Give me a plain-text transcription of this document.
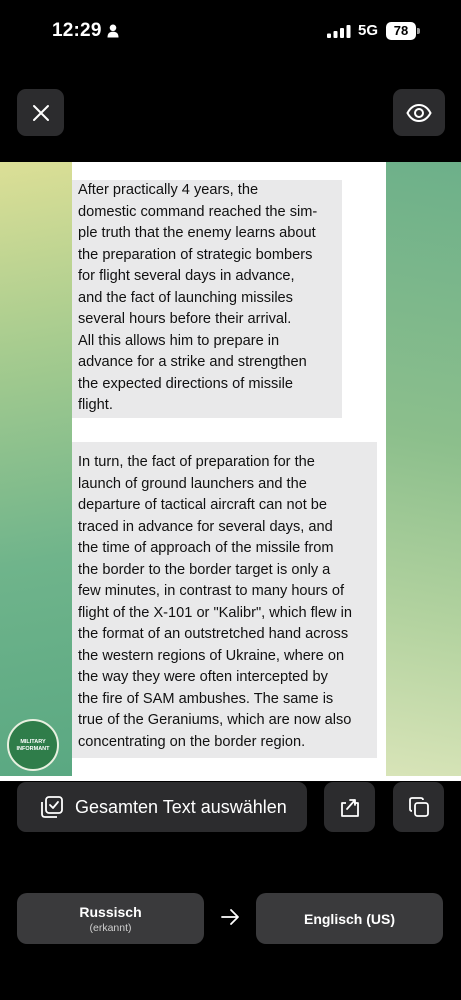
12:29	5G	78

After practically 4 years, the
domestic command reached the sim-
ple truth that the enemy learns about
the preparation of strategic bombers
for flight several days in advance,
and the fact of launching missiles
several hours before their arrival.
All this allows him to prepare in
advance for a strike and strengthen
the expected directions of missile
flight.

In turn, the fact of preparation for the
launch of ground launchers and the
departure of tactical aircraft can not be
traced in advance for several days, and
the time of approach of the missile from
the border to the border target is only a
few minutes, in contrast to many hours of
flight of the X-101 or "Kalibr", which flew in
the format of an outstretched hand across
the western regions of Ukraine, where on
the way they were often intercepted by
the fire of SAM ambushes. The same is
true of the Geraniums, which are now also
concentrating on the border region.

MILITARY INFORMANT
Gesamten Text auswählen
Russisch
(erkannt)
Englisch (US)
